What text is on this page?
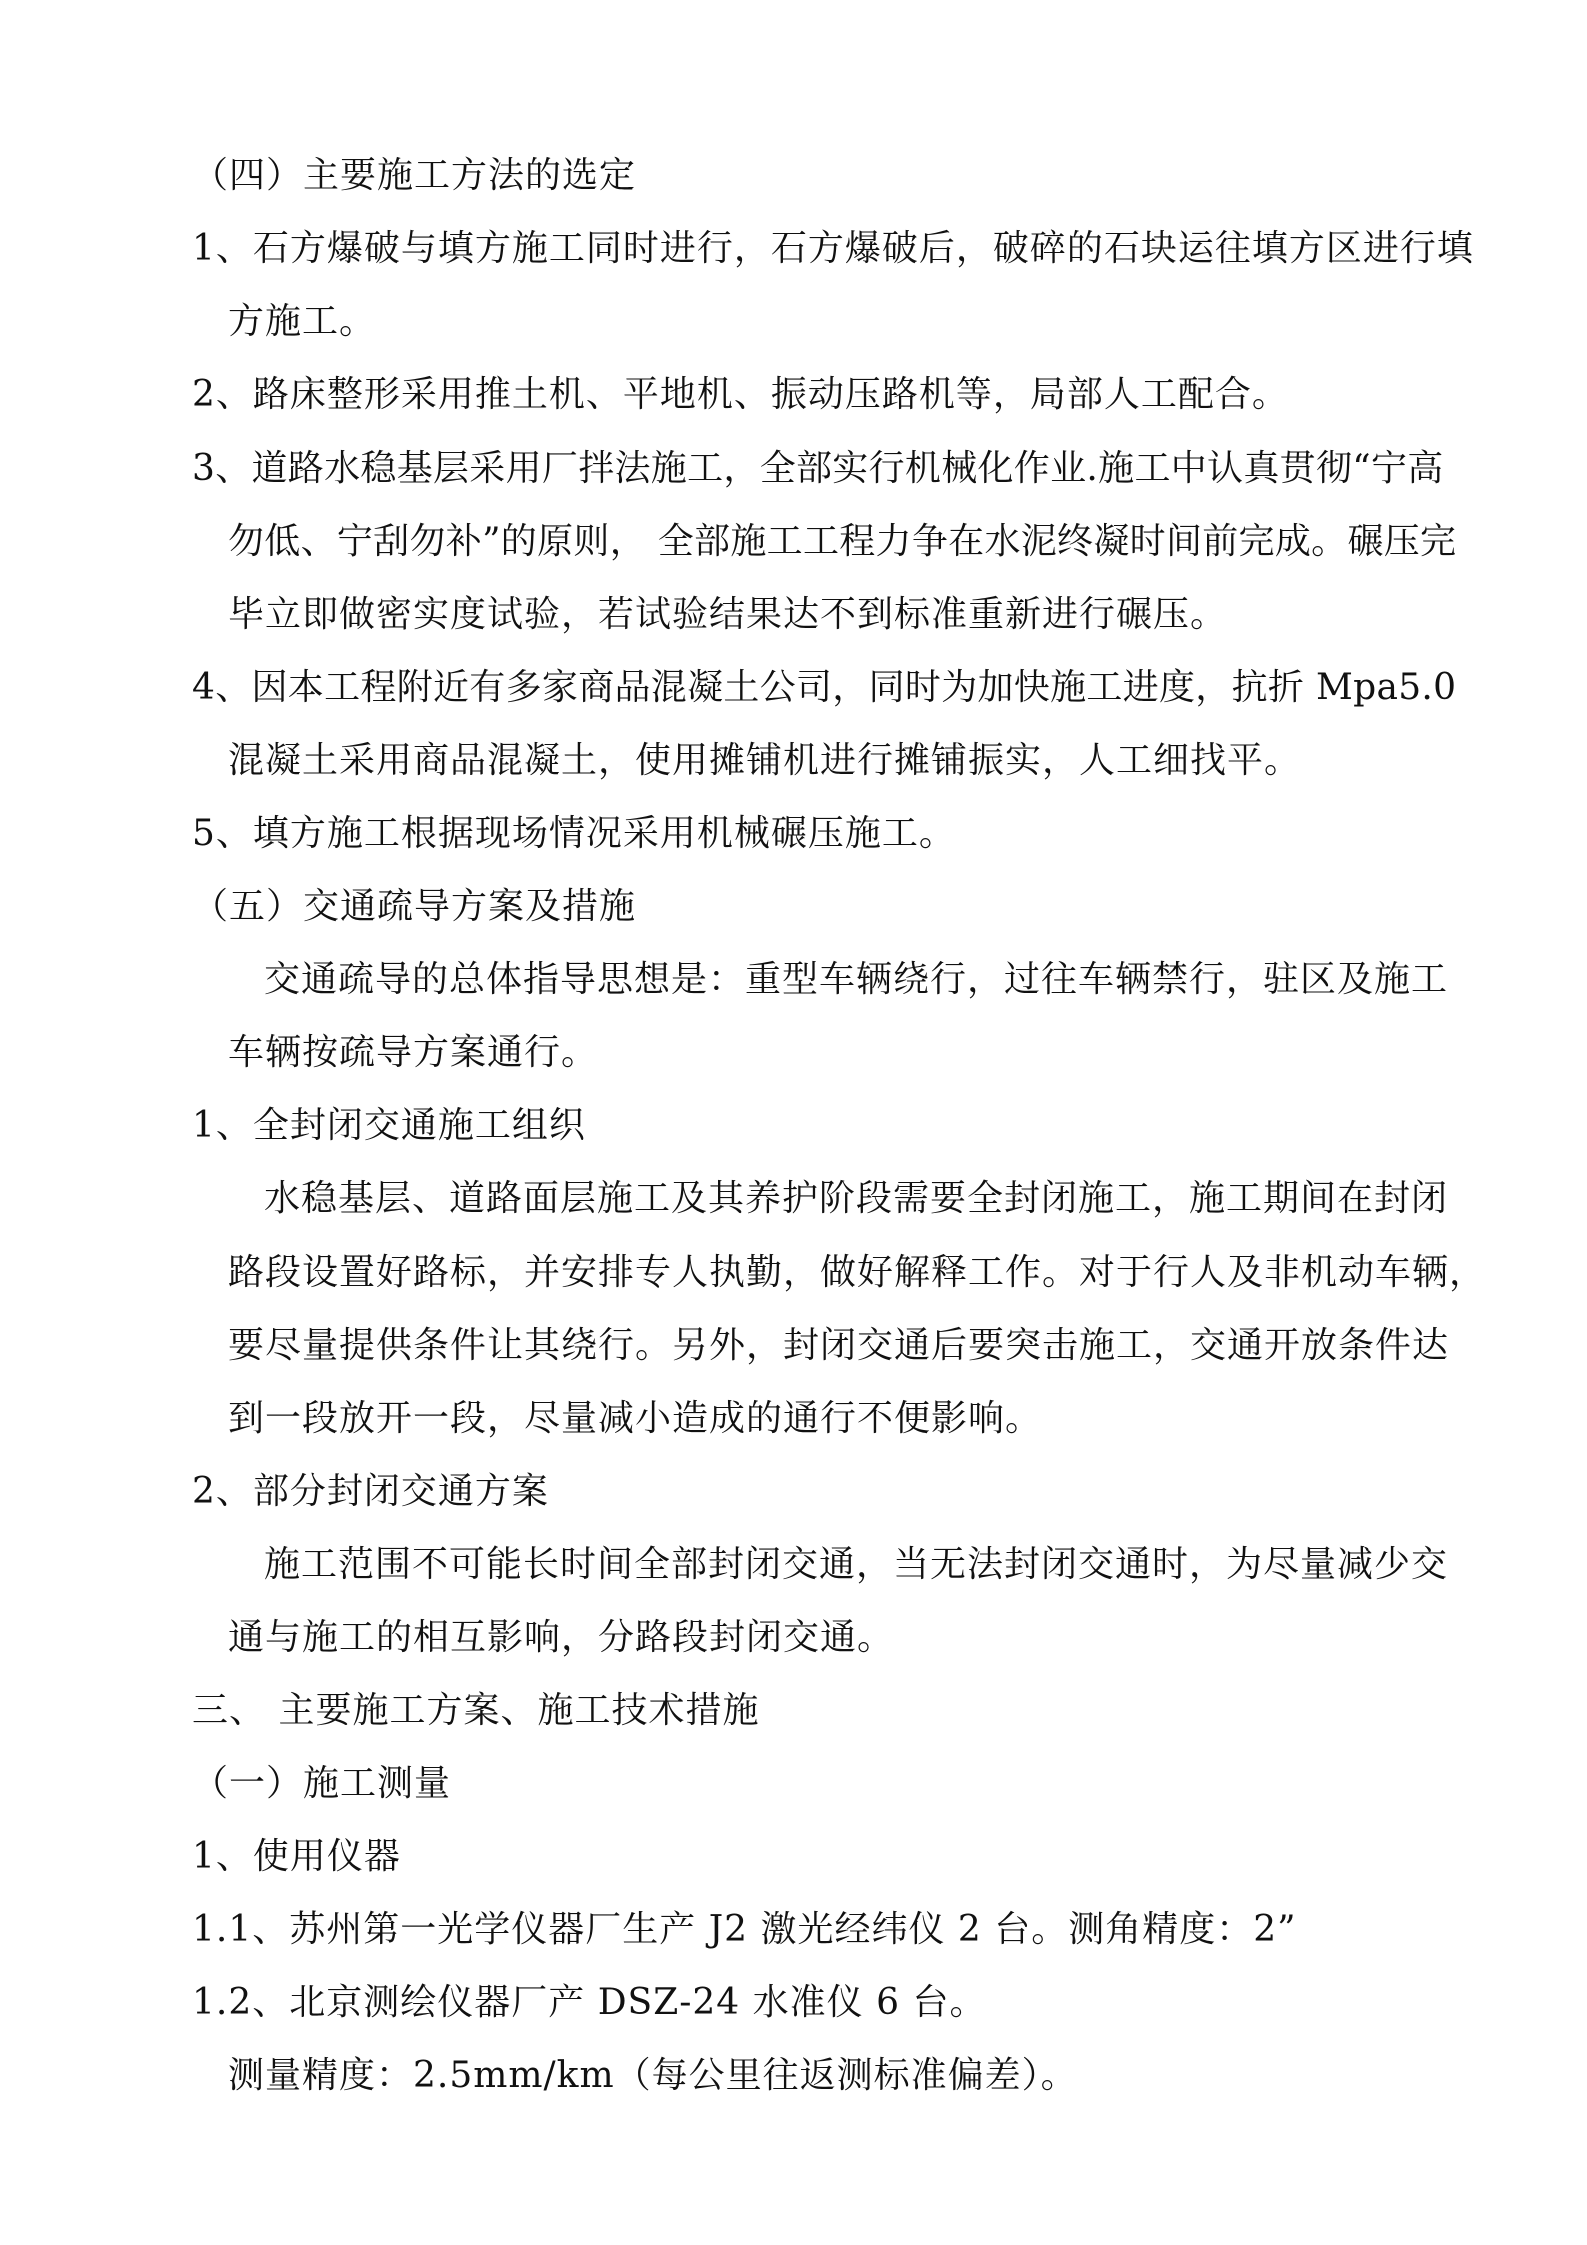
（四）主要施工方法的选定
1、石方爆破与填方施工同时进行，石方爆破后，破碎的石块运往填方区进行填
方施工。
2、路床整形采用推土机、平地机、振动压路机等，局部人工配合。
3、道路水稳基层采用厂拌法施工，全部实行机械化作业.施工中认真贯彻“宁高
勿低、宁刮勿补”的原则， 全部施工工程力争在水泥终凝时间前完成。碾压完
毕立即做密实度试验，若试验结果达不到标准重新进行碾压。
4、因本工程附近有多家商品混凝土公司，同时为加快施工进度，抗折 Mpa5.0
混凝土采用商品混凝土，使用摊铺机进行摊铺振实，人工细找平。
5、填方施工根据现场情况采用机械碾压施工。
（五）交通疏导方案及措施
交通疏导的总体指导思想是：重型车辆绕行，过往车辆禁行，驻区及施工
车辆按疏导方案通行。
1、全封闭交通施工组织
水稳基层、道路面层施工及其养护阶段需要全封闭施工，施工期间在封闭
路段设置好路标，并安排专人执勤，做好解释工作。对于行人及非机动车辆，
要尽量提供条件让其绕行。另外，封闭交通后要突击施工，交通开放条件达
到一段放开一段，尽量减小造成的通行不便影响。
2、部分封闭交通方案
施工范围不可能长时间全部封闭交通，当无法封闭交通时，为尽量减少交
通与施工的相互影响，分路段封闭交通。
三、 主要施工方案、施工技术措施
（一）施工测量
1、使用仪器
1.1、苏州第一光学仪器厂生产 J2 激光经纬仪 2 台。测角精度：2”
1.2、北京测绘仪器厂产 DSZ-24 水准仪 6 台。
测量精度：2.5mm/km（每公里往返测标准偏差）。
